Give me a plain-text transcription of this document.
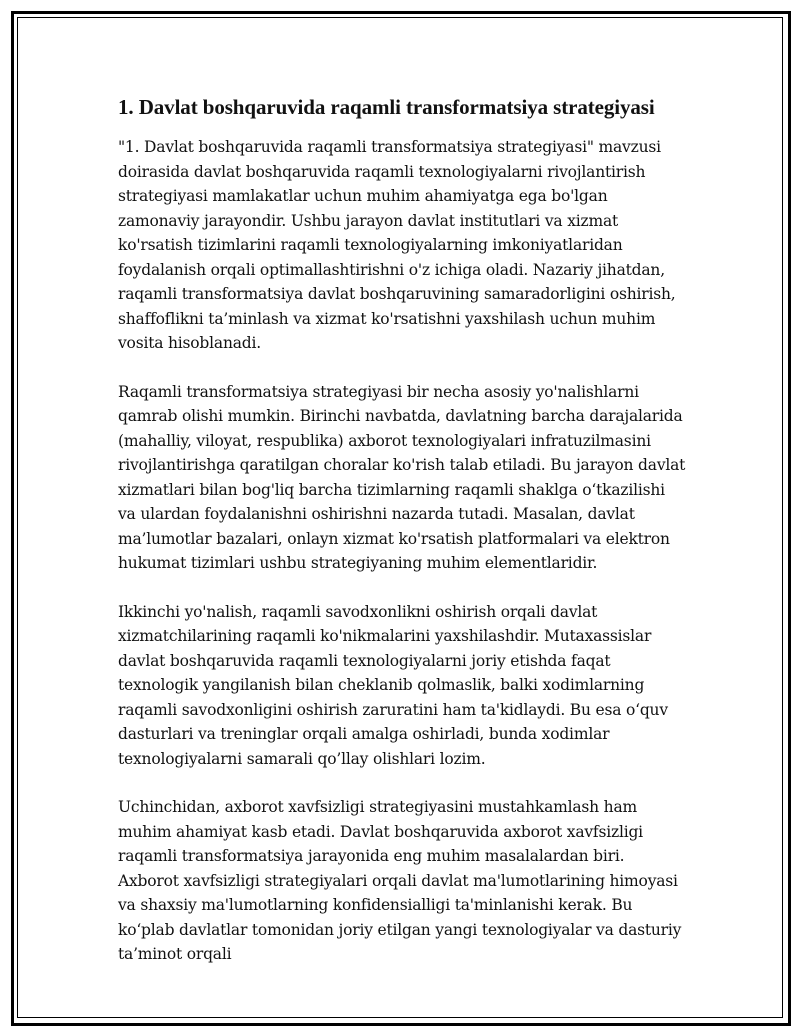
1. Davlat boshqaruvida raqamli transformatsiya strategiyasi

"1. Davlat boshqaruvida raqamli transformatsiya strategiyasi" mavzusi doirasida davlat boshqaruvida raqamli texnologiyalarni rivojlantirish strategiyasi mamlakatlar uchun muhim ahamiyatga ega bo'lgan zamonaviy jarayondir. Ushbu jarayon davlat institutlari va xizmat ko'rsatish tizimlarini raqamli texnologiyalarning imkoniyatlaridan foydalanish orqali optimallashtirishni o'z ichiga oladi. Nazariy jihatdan, raqamli transformatsiya davlat boshqaruvining samaradorligini oshirish, shaffoflikni ta’minlash va xizmat ko'rsatishni yaxshilash uchun muhim vosita hisoblanadi.

Raqamli transformatsiya strategiyasi bir necha asosiy yo'nalishlarni qamrab olishi mumkin. Birinchi navbatda, davlatning barcha darajalarida (mahalliy, viloyat, respublika) axborot texnologiyalari infratuzilmasini rivojlantirishga qaratilgan choralar ko'rish talab etiladi. Bu jarayon davlat xizmatlari bilan bog'liq barcha tizimlarning raqamli shaklga o‘tkazilishi va ulardan foydalanishni oshirishni nazarda tutadi. Masalan, davlat ma’lumotlar bazalari, onlayn xizmat ko'rsatish platformalari va elektron hukumat tizimlari ushbu strategiyaning muhim elementlaridir.

Ikkinchi yo'nalish, raqamli savodxonlikni oshirish orqali davlat xizmatchilarining raqamli ko'nikmalarini yaxshilashdir. Mutaxassislar davlat boshqaruvida raqamli texnologiyalarni joriy etishda faqat texnologik yangilanish bilan cheklanib qolmaslik, balki xodimlarning raqamli savodxonligini oshirish zaruratini ham ta'kidlaydi. Bu esa o‘quv dasturlari va treninglar orqali amalga oshirladi, bunda xodimlar texnologiyalarni samarali qo’llay olishlari lozim.

Uchinchidan, axborot xavfsizligi strategiyasini mustahkamlash ham muhim ahamiyat kasb etadi. Davlat boshqaruvida axborot xavfsizligi raqamli transformatsiya jarayonida eng muhim masalalardan biri. Axborot xavfsizligi strategiyalari orqali davlat ma'lumotlarining himoyasi va shaxsiy ma'lumotlarning konfidensialligi ta'minlanishi kerak. Bu ko‘plab davlatlar tomonidan joriy etilgan yangi texnologiyalar va dasturiy ta’minot orqali
